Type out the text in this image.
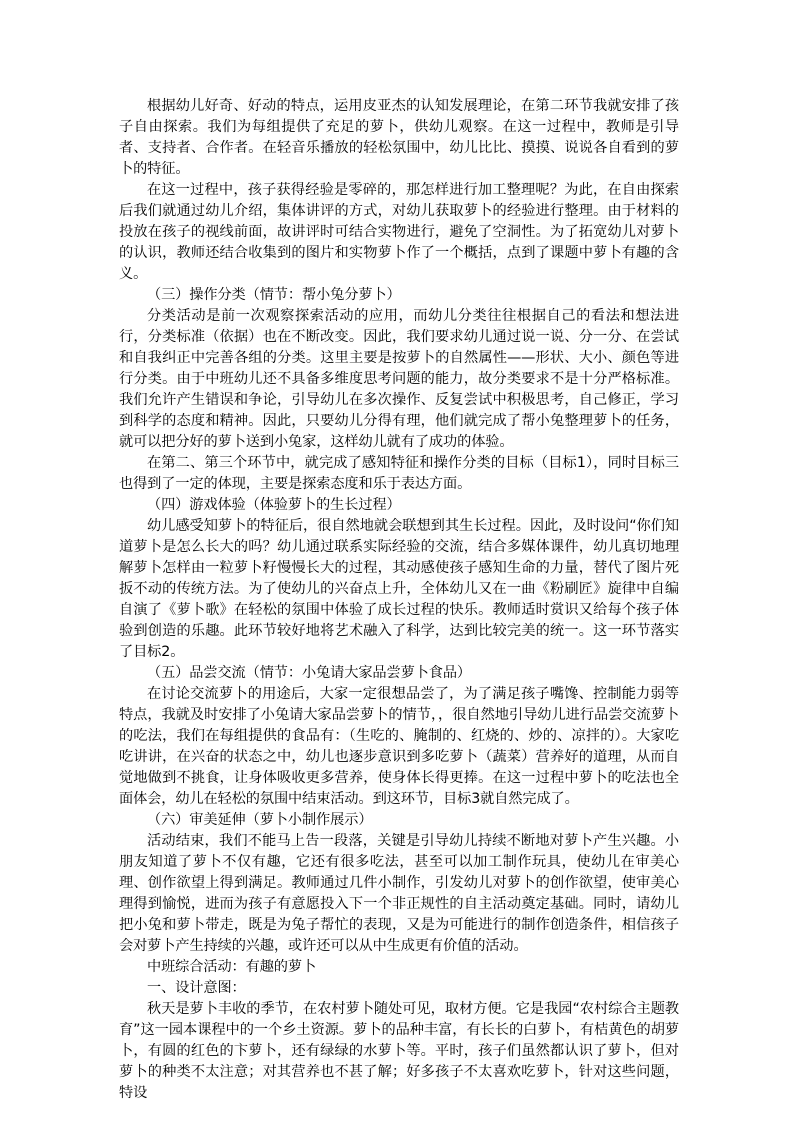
根据幼儿好奇、好动的特点，运用皮亚杰的认知发展理论，在第二环节我就安排了孩子自由探索。我们为每组提供了充足的萝卜，供幼儿观察。在这一过程中，教师是引导者、支持者、合作者。在轻音乐播放的轻松氛围中，幼儿比比、摸摸、说说各自看到的萝卜的特征。

在这一过程中，孩子获得经验是零碎的，那怎样进行加工整理呢？为此，在自由探索后我们就通过幼儿介绍，集体讲评的方式，对幼儿获取萝卜的经验进行整理。由于材料的投放在孩子的视线前面，故讲评时可结合实物进行，避免了空洞性。为了拓宽幼儿对萝卜的认识，教师还结合收集到的图片和实物萝卜作了一个概括，点到了课题中萝卜有趣的含义。

（三）操作分类（情节：帮小兔分萝卜）

分类活动是前一次观察探索活动的应用，而幼儿分类往往根据自己的看法和想法进行，分类标准（依据）也在不断改变。因此，我们要求幼儿通过说一说、分一分、在尝试和自我纠正中完善各组的分类。这里主要是按萝卜的自然属性——形状、大小、颜色等进行分类。由于中班幼儿还不具备多维度思考问题的能力，故分类要求不是十分严格标准。我们允许产生错误和争论，引导幼儿在多次操作、反复尝试中积极思考，自己修正，学习到科学的态度和精神。因此，只要幼儿分得有理，他们就完成了帮小兔整理萝卜的任务，就可以把分好的萝卜送到小兔家，这样幼儿就有了成功的体验。

在第二、第三个环节中，就完成了感知特征和操作分类的目标（目标1），同时目标三也得到了一定的体现，主要是探索态度和乐于表达方面。

（四）游戏体验（体验萝卜的生长过程）

幼儿感受知萝卜的特征后，很自然地就会联想到其生长过程。因此，及时设问“你们知道萝卜是怎么长大的吗？幼儿通过联系实际经验的交流，结合多媒体课件，幼儿真切地理解萝卜怎样由一粒萝卜籽慢慢长大的过程，其动感使孩子感知生命的力量，替代了图片死扳不动的传统方法。为了使幼儿的兴奋点上升，全体幼儿又在一曲《粉刷匠》旋律中自编自演了《萝卜歌》在轻松的氛围中体验了成长过程的快乐。教师适时赏识又给每个孩子体验到创造的乐趣。此环节较好地将艺术融入了科学，达到比较完美的统一。这一环节落实了目标2。

（五）品尝交流（情节：小兔请大家品尝萝卜食品）

在讨论交流萝卜的用途后，大家一定很想品尝了，为了满足孩子嘴馋、控制能力弱等特点，我就及时安排了小兔请大家品尝萝卜的情节，，很自然地引导幼儿进行品尝交流萝卜的吃法，我们在每组提供的食品有：（生吃的、腌制的、红烧的、炒的、凉拌的）。大家吃吃讲讲，在兴奋的状态之中，幼儿也逐步意识到多吃萝卜（蔬菜）营养好的道理，从而自觉地做到不挑食，让身体吸收更多营养，使身体长得更捧。在这一过程中萝卜的吃法也全面体会，幼儿在轻松的氛围中结束活动。到这环节，目标3就自然完成了。

（六）审美延伸（萝卜小制作展示）

活动结束，我们不能马上告一段落，关键是引导幼儿持续不断地对萝卜产生兴趣。小朋友知道了萝卜不仅有趣，它还有很多吃法，甚至可以加工制作玩具，使幼儿在审美心理、创作欲望上得到满足。教师通过几件小制作，引发幼儿对萝卜的创作欲望，使审美心理得到愉悦，进而为孩子有意愿投入下一个非正规性的自主活动奠定基础。同时，请幼儿把小兔和萝卜带走，既是为兔子帮忙的表现，又是为可能进行的制作创造条件，相信孩子会对萝卜产生持续的兴趣，或许还可以从中生成更有价值的活动。

中班综合活动：有趣的萝卜

一、设计意图：

秋天是萝卜丰收的季节，在农村萝卜随处可见，取材方便。它是我园“农村综合主题教育”这一园本课程中的一个乡土资源。萝卜的品种丰富，有长长的白萝卜，有桔黄色的胡萝卜，有圆的红色的卞萝卜，还有绿绿的水萝卜等。平时，孩子们虽然都认识了萝卜，但对萝卜的种类不太注意；对其营养也不甚了解；好多孩子不太喜欢吃萝卜，针对这些问题，特设
